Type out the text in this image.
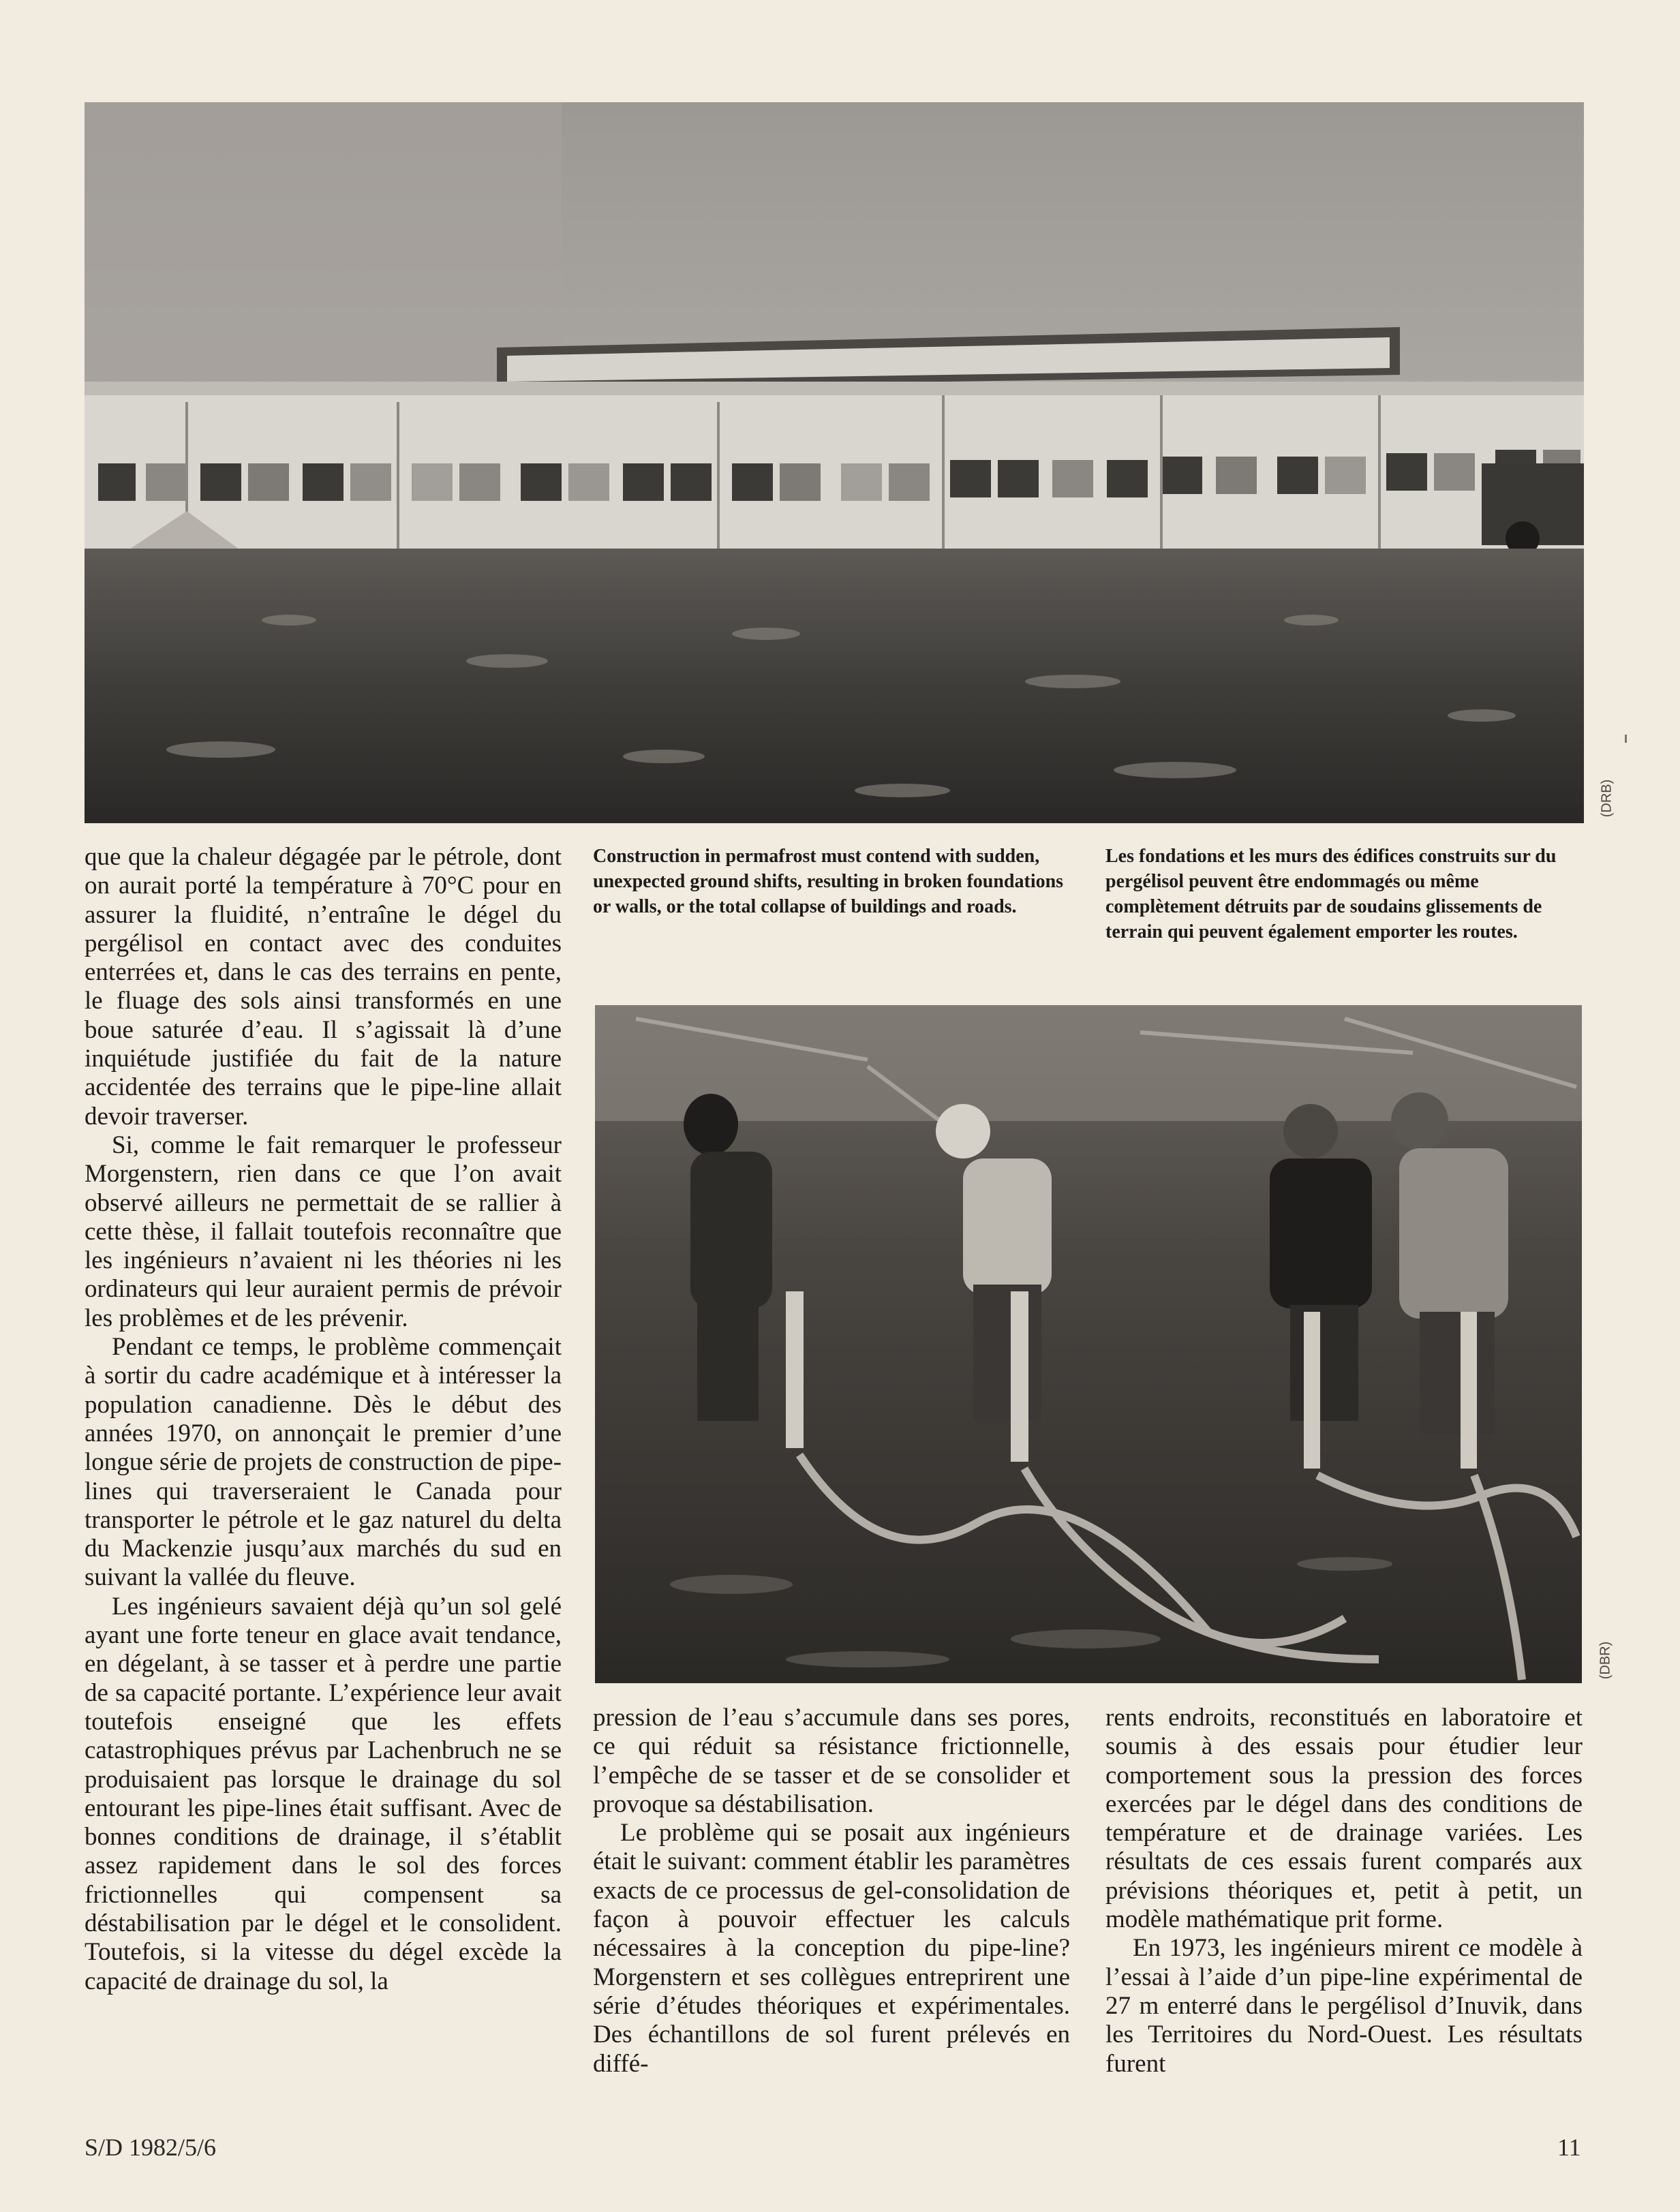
(DRB)
Construction in permafrost must contend with sudden, unexpected ground shifts, resulting in broken foundations or walls, or the total collapse of buildings and roads.
Les fondations et les murs des édifices construits sur du pergélisol peuvent être endommagés ou même complètement détruits par de soudains glissements de terrain qui peuvent également emporter les routes.
(DBR)

que que la chaleur dégagée par le pétrole, dont on aurait porté la température à 70°C pour en assurer la fluidité, n’entraîne le dégel du pergélisol en contact avec des conduites enterrées et, dans le cas des terrains en pente, le fluage des sols ainsi transformés en une boue saturée d’eau. Il s’agissait là d’une inquiétude justifiée du fait de la nature accidentée des terrains que le pipe-line allait devoir traverser.

Si, comme le fait remarquer le professeur Morgenstern, rien dans ce que l’on avait observé ailleurs ne permettait de se rallier à cette thèse, il fallait toutefois reconnaître que les ingénieurs n’avaient ni les théories ni les ordinateurs qui leur auraient permis de prévoir les problèmes et de les prévenir.

Pendant ce temps, le problème commençait à sortir du cadre académique et à intéresser la population canadienne. Dès le début des années 1970, on annonçait le premier d’une longue série de projets de construction de pipe-lines qui traverseraient le Canada pour transporter le pétrole et le gaz naturel du delta du Mackenzie jusqu’aux marchés du sud en suivant la vallée du fleuve.

Les ingénieurs savaient déjà qu’un sol gelé ayant une forte teneur en glace avait tendance, en dégelant, à se tasser et à perdre une partie de sa capacité portante. L’expérience leur avait toutefois enseigné que les effets catastrophiques prévus par Lachenbruch ne se produisaient pas lorsque le drainage du sol entourant les pipe-lines était suffisant. Avec de bonnes conditions de drainage, il s’établit assez rapidement dans le sol des forces frictionnelles qui compensent sa déstabilisation par le dégel et le consolident. Toutefois, si la vitesse du dégel excède la capacité de drainage du sol, la

pression de l’eau s’accumule dans ses pores, ce qui réduit sa résistance frictionnelle, l’empêche de se tasser et de se consolider et provoque sa déstabilisation.

Le problème qui se posait aux ingénieurs était le suivant: comment établir les paramètres exacts de ce processus de gel-consolidation de façon à pouvoir effectuer les calculs nécessaires à la conception du pipe-line? Morgenstern et ses collègues entreprirent une série d’études théoriques et expérimentales. Des échantillons de sol furent prélevés en diffé-

rents endroits, reconstitués en laboratoire et soumis à des essais pour étudier leur comportement sous la pression des forces exercées par le dégel dans des conditions de température et de drainage variées. Les résultats de ces essais furent comparés aux prévisions théoriques et, petit à petit, un modèle mathématique prit forme.

En 1973, les ingénieurs mirent ce modèle à l’essai à l’aide d’un pipe-line expérimental de 27 m enterré dans le pergélisol d’Inuvik, dans les Territoires du Nord-Ouest. Les résultats furent

S/D 1982/5/6	11
